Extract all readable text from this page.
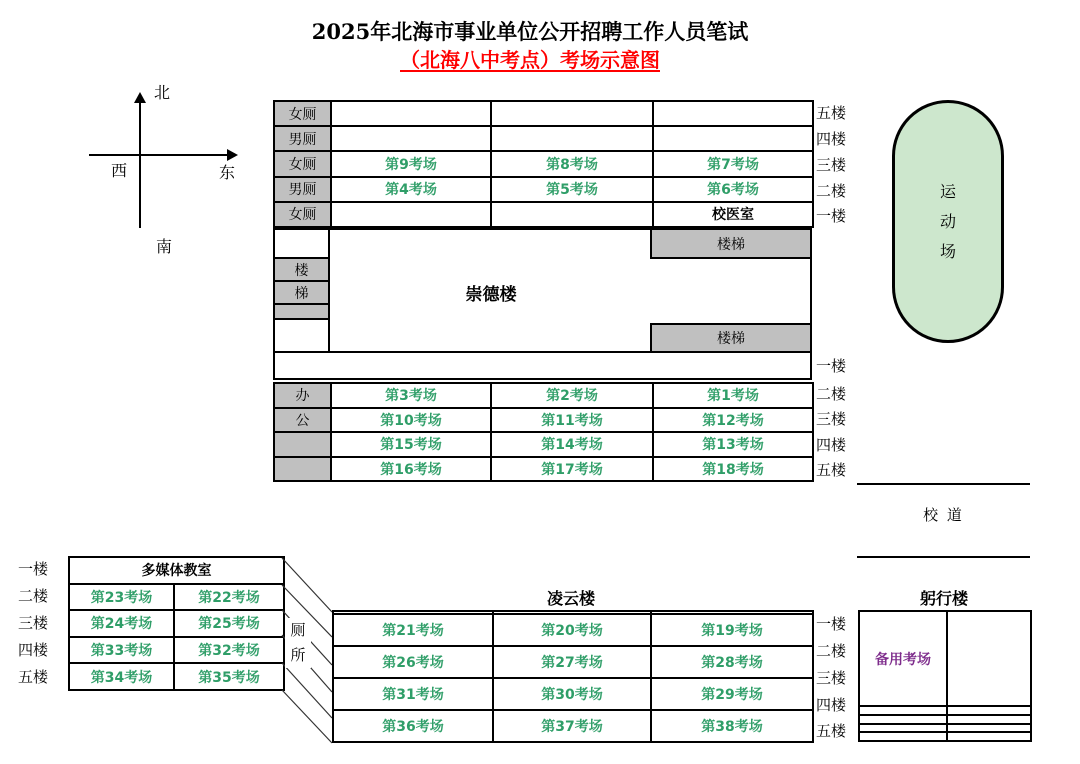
2025年北海市事业单位公开招聘工作人员笔试
（北海八中考点）考场示意图
北
西	东
南
女厕			
男厕			
女厕	第9考场	第8考场	第7考场
男厕	第4考场	第5考场	第6考场
女厕			校医室
楼梯
楼梯
楼
梯	崇德楼
办	第3考场	第2考场	第1考场
公	第10考场	第11考场	第12考场
	第15考场	第14考场	第13考场
	第16考场	第17考场	第18考场
五楼
四楼
三楼
二楼
一楼
一楼
二楼
三楼
四楼
五楼
运动场
校 道
一楼
二楼
三楼
四楼
五楼
多媒体教室	
第23考场	第22考场
第24考场	第25考场
第33考场	第32考场
第34考场	第35考场
厕所
凌云楼

第21考场	第20考场	第19考场
第26考场	第27考场	第28考场
第31考场	第30考场	第29考场
第36考场	第37考场	第38考场
一楼
二楼
三楼
四楼
五楼
躬行楼
备用考场	
